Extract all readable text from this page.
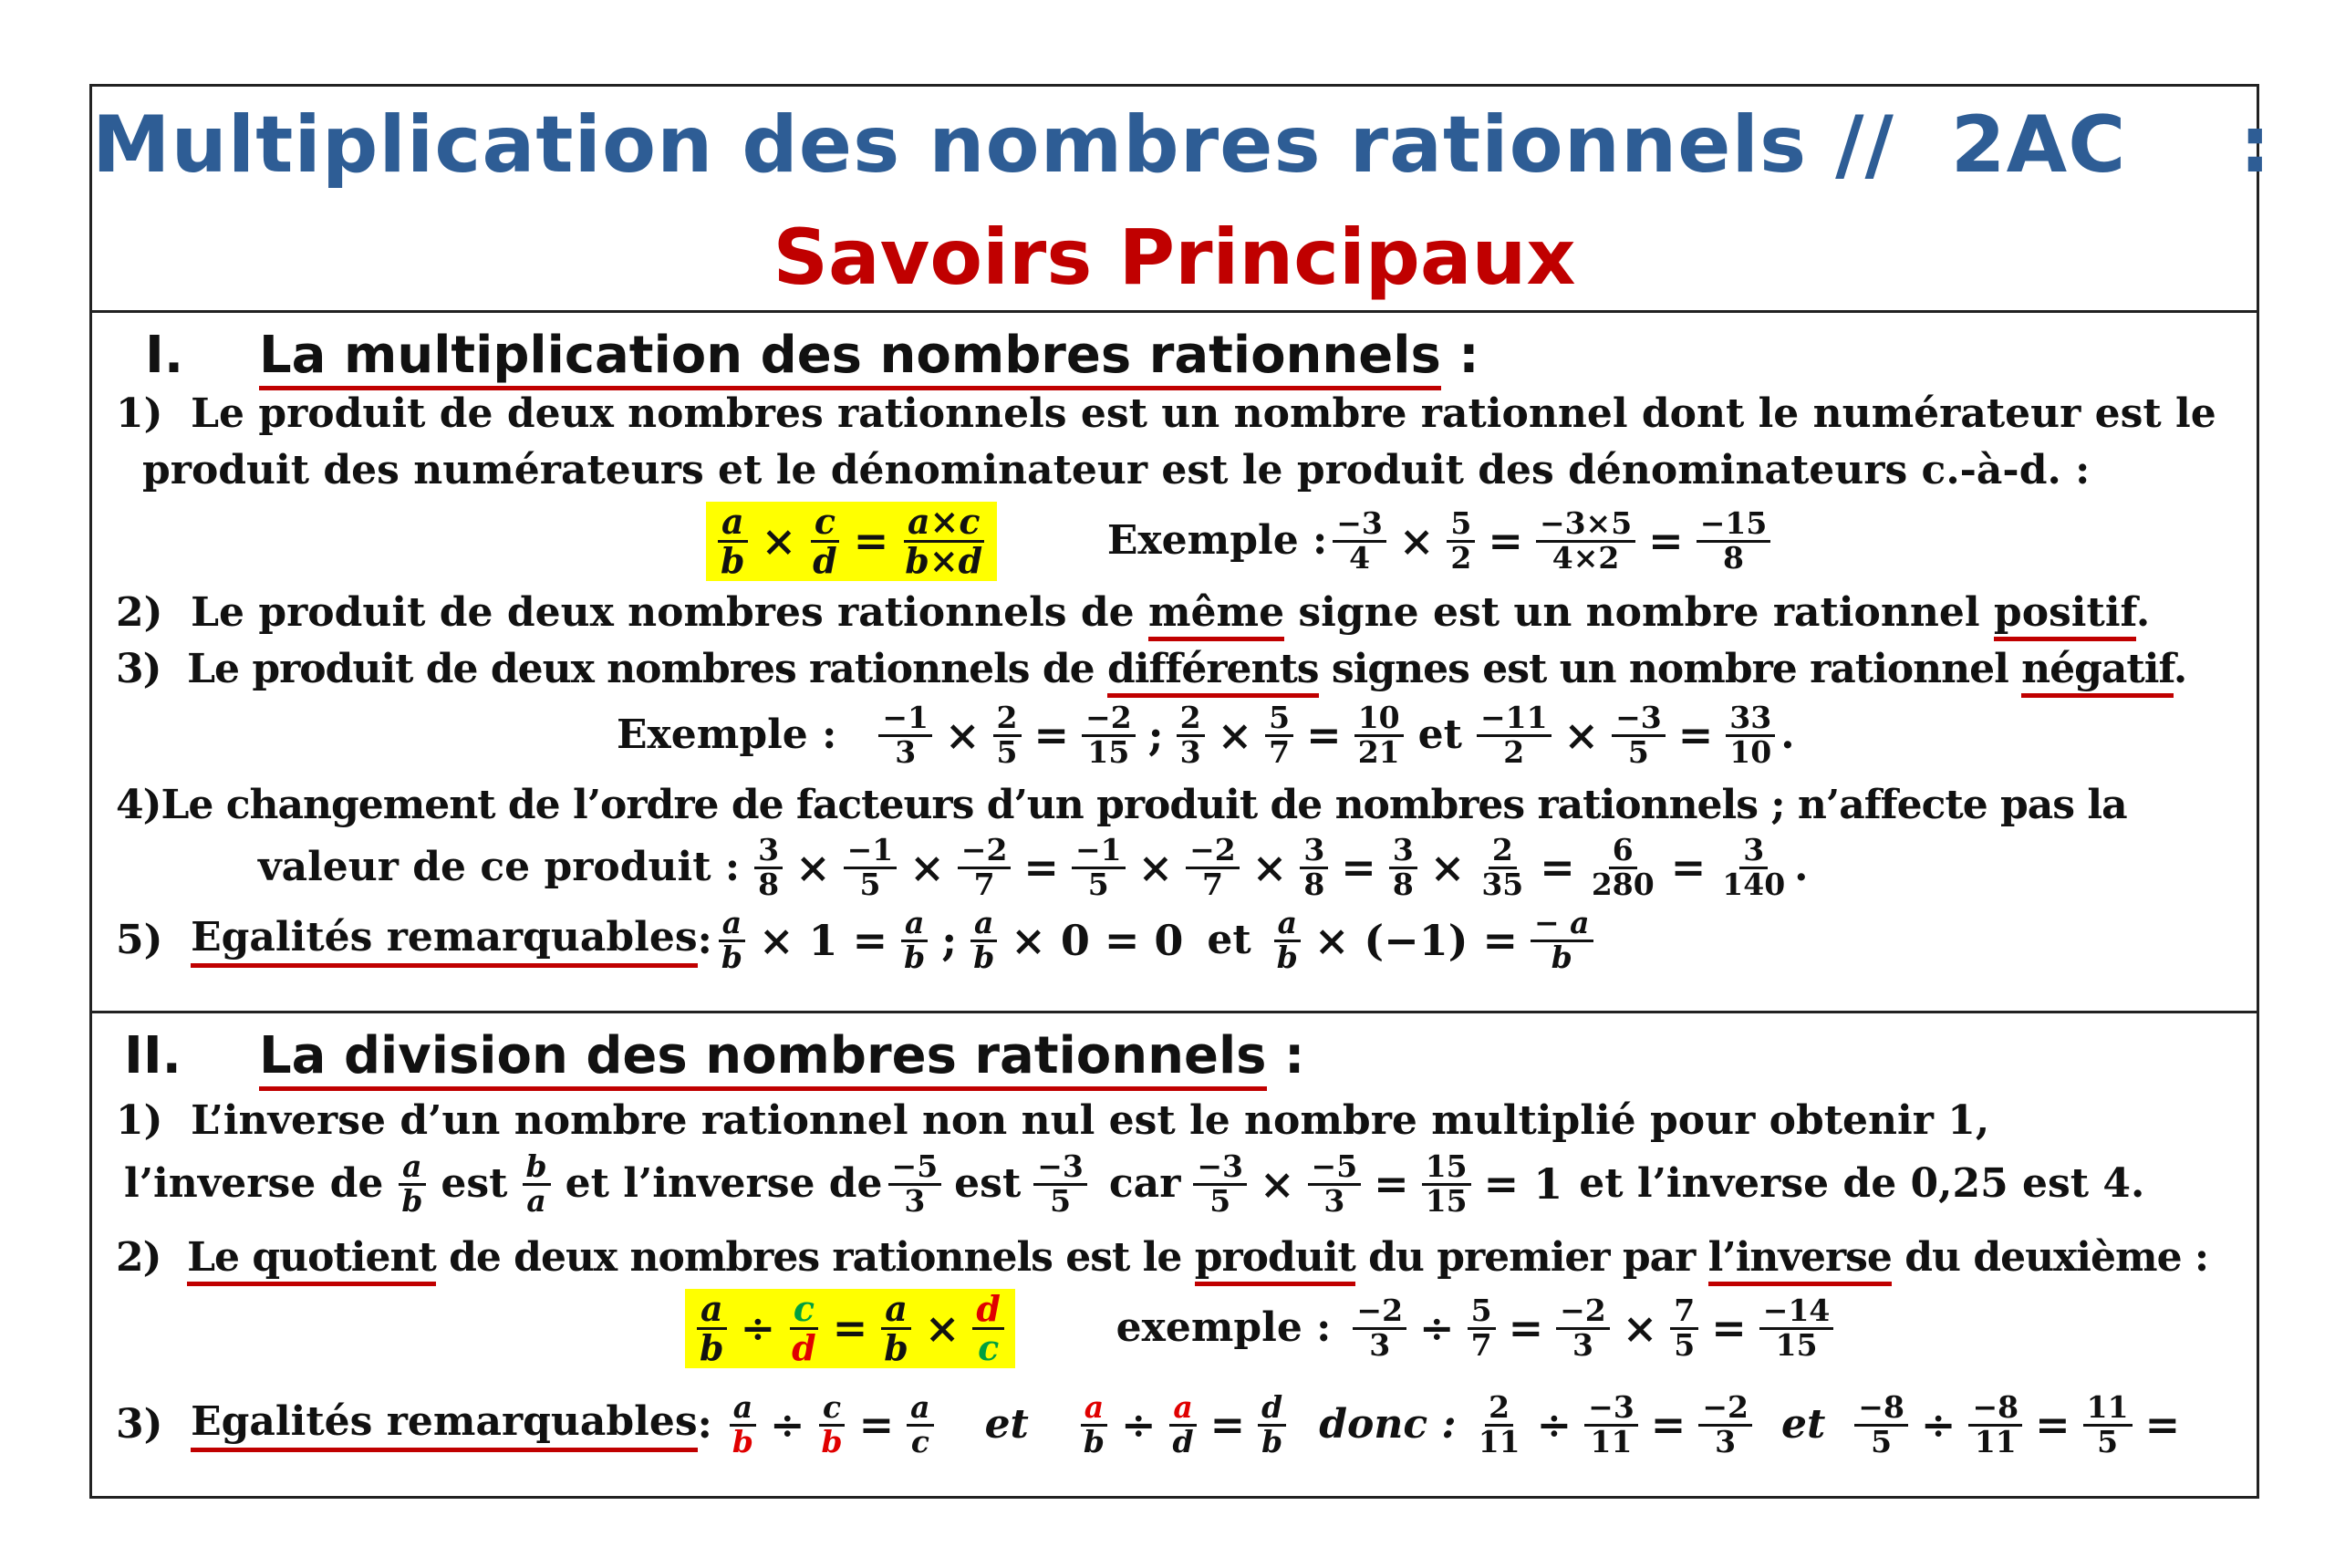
Multiplication des nombres rationnels //  2AC    :
Savoirs Principaux
I. La multiplication des nombres rationnels :
1) Le produit de deux nombres rationnels est un nombre rationnel dont le numérateur est le
produit des numérateurs et le dénominateur est le produit des dénominateurs c.-à-d. :
$\frac{a}{b} \times \frac{c}{d} = \frac{a\times c}{b\times d}$
	Exemple : $\frac{-3}{4} \times \frac{5}{2} = \frac{-3\times 5}{4\times 2} = \frac{-15}{8}$
2) Le produit de deux nombres rationnels de même signe est un nombre rationnel positif.
3) Le produit de deux nombres rationnels de différents signes est un nombre rationnel négatif.
Exemple : $\frac{-1}{3} \times \frac{2}{5} = \frac{-2}{15}$ ; $\frac{2}{3} \times \frac{5}{7} = \frac{10}{21}$ et $\frac{-11}{2} \times \frac{-3}{5} = \frac{33}{10}$ .
4)Le changement de l’ordre de facteurs d’un produit de nombres rationnels ; n’affecte pas la
valeur de ce produit : $\frac{3}{8} \times \frac{-1}{5} \times \frac{-2}{7} = \frac{-1}{5} \times \frac{-2}{7} \times \frac{3}{8} = \frac{3}{8} \times \frac{2}{35} = \frac{6}{280} = \frac{3}{140}$ .
5)
Egalités remarquables : $\frac{a}{b} \times 1 = \frac{a}{b}$ ; $\frac{a}{b} \times 0 = 0$ et $\frac{a}{b} \times (-1) = \frac{- a}{b}$
II. La division des nombres rationnels :
1) L’inverse d’un nombre rationnel non nul est le nombre multiplié pour obtenir 1,
l’inverse de $\frac{a}{b}$ est $\frac{b}{a}$ et l’inverse de $\frac{-5}{3}$ est $\frac{-3}{5}$ car $\frac{-3}{5} \times \frac{-5}{3} = \frac{15}{15} = 1$ et l’inverse de 0,25 est 4.
2) Le quotient de deux nombres rationnels est le produit du premier par l’inverse du deuxième :
$\frac{a}{b} \div \frac{c}{d} = \frac{a}{b} \times \frac{d}{c}$
	exemple : $\frac{-2}{3} \div \frac{5}{7} = \frac{-2}{3} \times \frac{7}{5} = \frac{-14}{15}$
3)
Egalités remarquables : $\frac{a}{b} \div \frac{c}{b} = \frac{a}{c}$ et $\frac{a}{b} \div \frac{a}{d} = \frac{d}{b}$ donc : $\frac{2}{11} \div \frac{-3}{11} = \frac{-2}{3}$ et $\frac{-8}{5} \div \frac{-8}{11} = \frac{11}{5}$ =
